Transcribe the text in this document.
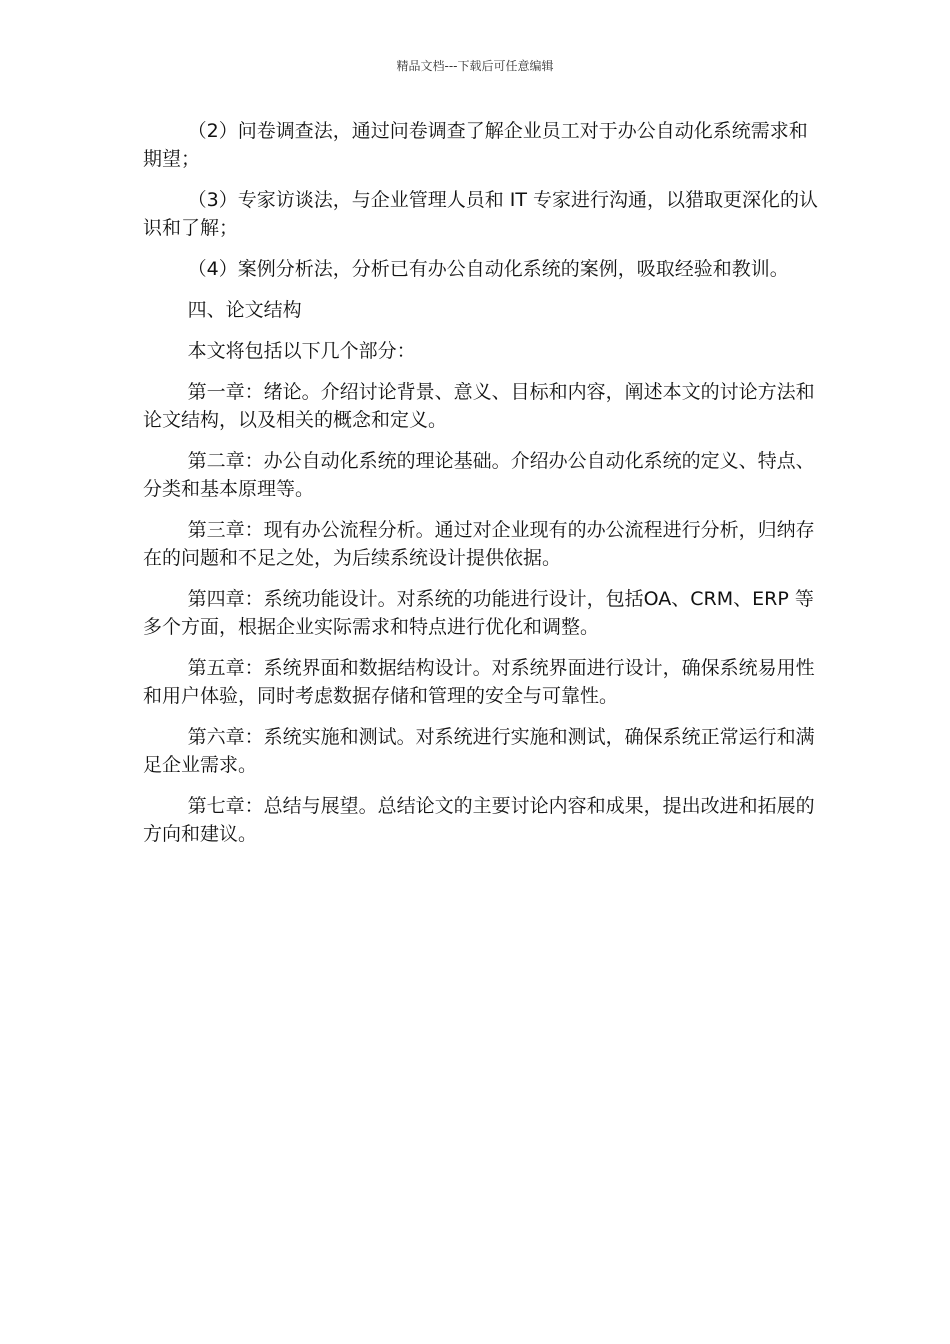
精品文档---下载后可任意编辑

（2）问卷调查法，通过问卷调查了解企业员工对于办公自动化系统需求和期望；

（3）专家访谈法，与企业管理人员和 IT 专家进行沟通，以猎取更深化的认识和了解；

（4）案例分析法，分析已有办公自动化系统的案例，吸取经验和教训。

四、论文结构

本文将包括以下几个部分：

第一章：绪论。介绍讨论背景、意义、目标和内容，阐述本文的讨论方法和论文结构，以及相关的概念和定义。

第二章：办公自动化系统的理论基础。介绍办公自动化系统的定义、特点、分类和基本原理等。

第三章：现有办公流程分析。通过对企业现有的办公流程进行分析，归纳存在的问题和不足之处，为后续系统设计提供依据。

第四章：系统功能设计。对系统的功能进行设计，包括OA、CRM、ERP 等多个方面，根据企业实际需求和特点进行优化和调整。

第五章：系统界面和数据结构设计。对系统界面进行设计，确保系统易用性和用户体验，同时考虑数据存储和管理的安全与可靠性。

第六章：系统实施和测试。对系统进行实施和测试，确保系统正常运行和满足企业需求。

第七章：总结与展望。总结论文的主要讨论内容和成果，提出改进和拓展的方向和建议。
